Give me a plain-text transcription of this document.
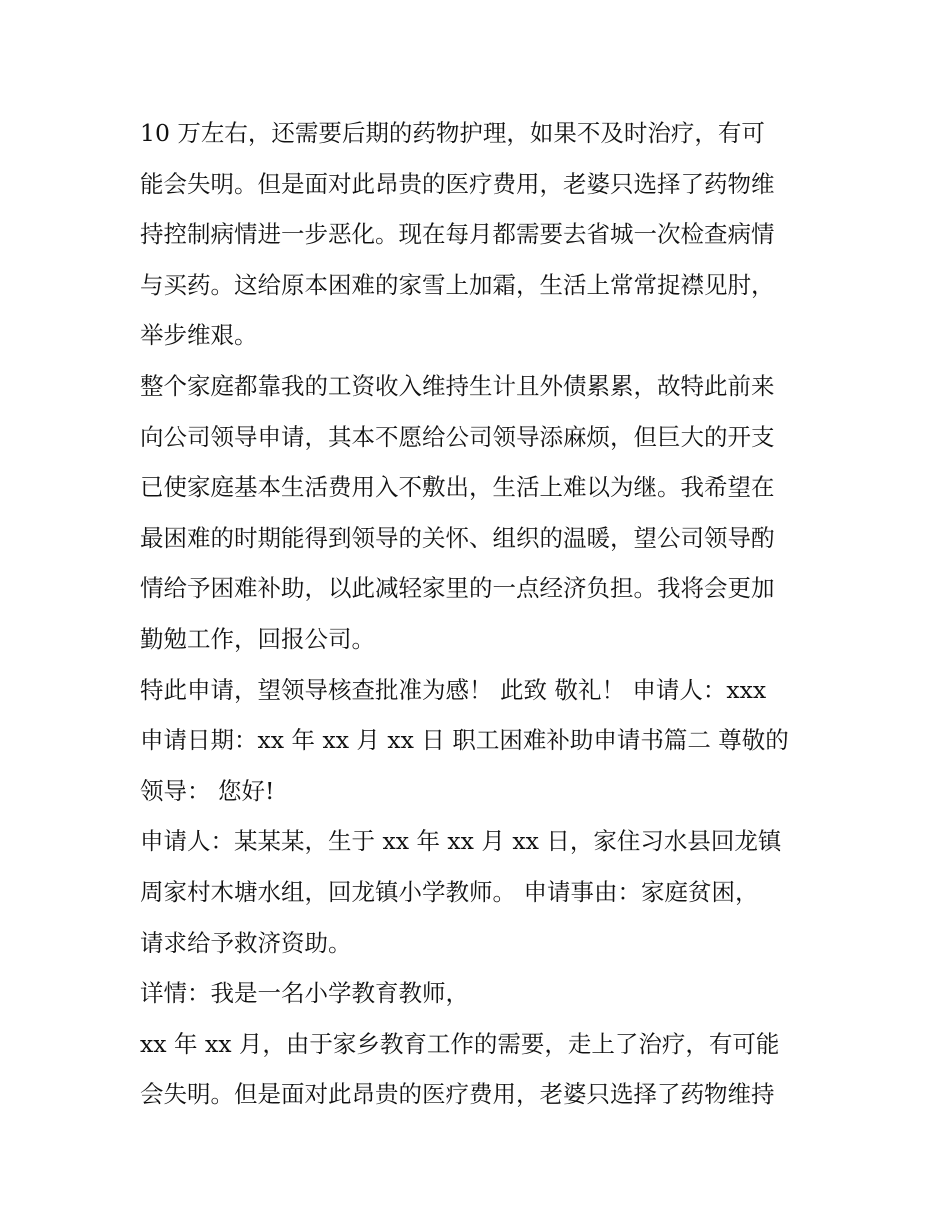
10 万左右，还需要后期的药物护理，如果不及时治疗，有可
能会失明。但是面对此昂贵的医疗费用，老婆只选择了药物维
持控制病情进一步恶化。现在每月都需要去省城一次检查病情
与买药。这给原本困难的家雪上加霜，生活上常常捉襟见肘，
举步维艰。
整个家庭都靠我的工资收入维持生计且外债累累，故特此前来
向公司领导申请，其本不愿给公司领导添麻烦，但巨大的开支
已使家庭基本生活费用入不敷出，生活上难以为继。我希望在
最困难的时期能得到领导的关怀、组织的温暖，望公司领导酌
情给予困难补助，以此减轻家里的一点经济负担。我将会更加
勤勉工作，回报公司。
特此申请，望领导核查批准为感！ 此致 敬礼！ 申请人：xxx
申请日期：xx 年 xx 月 xx 日 职工困难补助申请书篇二 尊敬的
领导： 您好!
申请人：某某某，生于 xx 年 xx 月 xx 日，家住习水县回龙镇
周家村木塘水组，回龙镇小学教师。 申请事由：家庭贫困，
请求给予救济资助。
详情：我是一名小学教育教师，
xx 年 xx 月，由于家乡教育工作的需要，走上了治疗，有可能
会失明。但是面对此昂贵的医疗费用，老婆只选择了药物维持
